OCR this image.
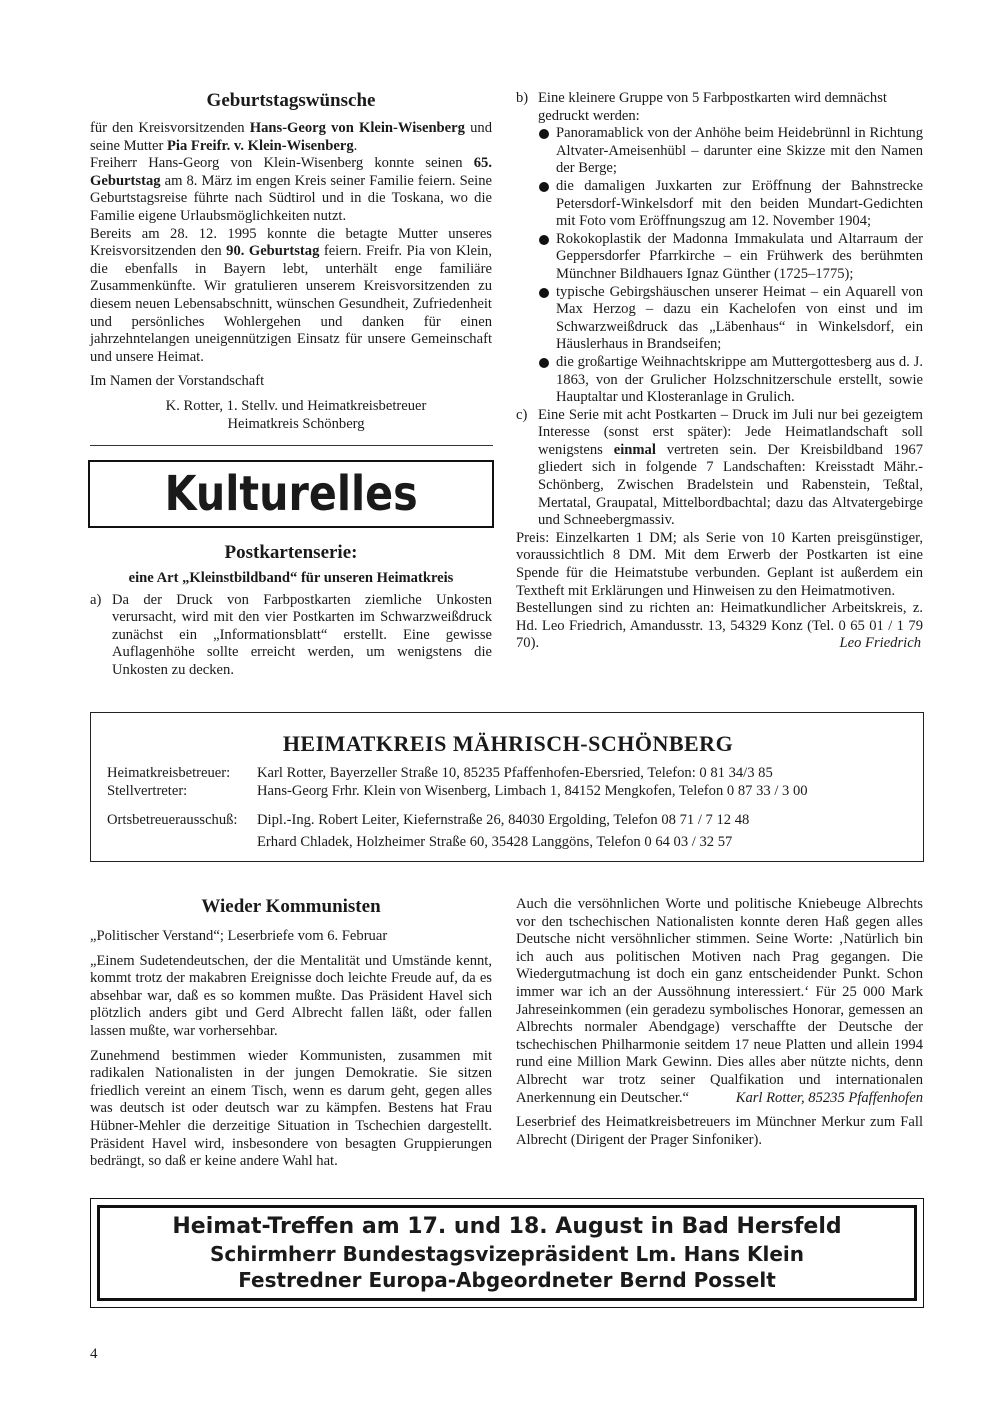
Geburtstagswünsche

für den Kreisvorsitzenden Hans-Georg von Klein-Wisenberg und seine Mutter Pia Freifr. v. Klein-Wisenberg.

Freiherr Hans-Georg von Klein-Wisenberg konnte seinen 65. Geburtstag am 8. März im engen Kreis seiner Familie feiern. Seine Geburtstagsreise führte nach Südtirol und in die Toskana, wo die Familie eigene Urlaubsmöglichkeiten nutzt.

Bereits am 28. 12. 1995 konnte die betagte Mutter unseres Kreisvorsitzenden den 90. Geburtstag feiern. Freifr. Pia von Klein, die ebenfalls in Bayern lebt, unterhält enge familiäre Zusammenkünfte. Wir gratulieren unserem Kreisvorsitzenden zu diesem neuen Lebensabschnitt, wünschen Gesundheit, Zufriedenheit und persönliches Wohlergehen und danken für einen jahrzehntelangen uneigennützigen Einsatz für unsere Gemeinschaft und unsere Heimat.

Im Namen der Vorstandschaft

K. Rotter, 1. Stellv. und Heimatkreisbetreuer

Heimatkreis Schönberg

Kulturelles
Postkartenserie:
eine Art „Kleinstbildband“ für unseren Heimatkreis
a) Da der Druck von Farbpostkarten ziemliche Unkosten verursacht, wird mit den vier Postkarten im Schwarzweißdruck zunächst ein „Informationsblatt“ erstellt. Eine gewisse Auflagenhöhe sollte erreicht werden, um wenigstens die Unkosten zu decken.

b) Eine kleinere Gruppe von 5 Farbpostkarten wird demnächst gedruckt werden:

Panoramablick von der Anhöhe beim Heidebrünnl in Richtung Altvater-Ameisenhübl – darunter eine Skizze mit den Namen der Berge;
die damaligen Juxkarten zur Eröffnung der Bahnstrecke Petersdorf-Winkelsdorf mit den beiden Mundart-Gedichten mit Foto vom Eröffnungszug am 12. November 1904;
Rokokoplastik der Madonna Immakulata und Altarraum der Geppersdorfer Pfarrkirche – ein Frühwerk des berühmten Münchner Bildhauers Ignaz Günther (1725–1775);
typische Gebirgshäuschen unserer Heimat – ein Aquarell von Max Herzog – dazu ein Kachelofen von einst und im Schwarzweißdruck das „Läbenhaus“ in Winkelsdorf, ein Häuslerhaus in Brandseifen;
die großartige Weihnachtskrippe am Muttergottesberg aus d. J. 1863, von der Grulicher Holzschnitzerschule erstellt, sowie Hauptaltar und Klosteranlage in Grulich.
c) Eine Serie mit acht Postkarten – Druck im Juli nur bei gezeigtem Interesse (sonst erst später): Jede Heimatlandschaft soll wenigstens einmal vertreten sein. Der Kreisbildband 1967 gliedert sich in folgende 7 Landschaften: Kreisstadt Mähr.-Schönberg, Zwischen Bradelstein und Rabenstein, Teßtal, Mertatal, Graupatal, Mittelbordbachtal; dazu das Altvatergebirge und Schneebergmassiv.

Preis: Einzelkarten 1 DM; als Serie von 10 Karten preisgünstiger, voraussichtlich 8 DM. Mit dem Erwerb der Postkarten ist eine Spende für die Heimatstube verbunden. Geplant ist außerdem ein Textheft mit Erklärungen und Hinweisen zu den Heimatmotiven.

Bestellungen sind zu richten an: Heimatkundlicher Arbeitskreis, z. Hd. Leo Friedrich, Amandusstr. 13, 54329 Konz (Tel. 0 65 01 / 1 79 70).	Leo Friedrich

HEIMATKREIS MÄHRISCH-SCHÖNBERG
Heimatkreisbetreuer:	Karl Rotter, Bayerzeller Straße 10, 85235 Pfaffenhofen-Ebersried, Telefon: 0 81 34/3 85
Stellvertreter:	Hans-Georg Frhr. Klein von Wisenberg, Limbach 1, 84152 Mengkofen, Telefon 0 87 33 / 3 00
Ortsbetreuerausschuß:	Dipl.-Ing. Robert Leiter, Kiefernstraße 26, 84030 Ergolding, Telefon 08 71 / 7 12 48
Erhard Chladek, Holzheimer Straße 60, 35428 Langgöns, Telefon 0 64 03 / 32 57
Wieder Kommunisten

„Politischer Verstand“; Leserbriefe vom 6. Februar

„Einem Sudetendeutschen, der die Mentalität und Umstände kennt, kommt trotz der makabren Ereignisse doch leichte Freude auf, da es absehbar war, daß es so kommen mußte. Das Präsident Havel sich plötzlich anders gibt und Gerd Albrecht fallen läßt, oder fallen lassen mußte, war vorhersehbar.

Zunehmend bestimmen wieder Kommunisten, zusammen mit radikalen Nationalisten in der jungen Demokratie. Sie sitzen friedlich vereint an einem Tisch, wenn es darum geht, gegen alles was deutsch ist oder deutsch war zu kämpfen. Bestens hat Frau Hübner-Mehler die derzeitige Situation in Tschechien dargestellt. Präsident Havel wird, insbesondere von besagten Gruppierungen bedrängt, so daß er keine andere Wahl hat.

Auch die versöhnlichen Worte und politische Kniebeuge Albrechts vor den tschechischen Nationalisten konnte deren Haß gegen alles Deutsche nicht versöhnlicher stimmen. Seine Worte: ‚Natürlich bin ich auch aus politischen Motiven nach Prag gegangen. Die Wiedergutmachung ist doch ein ganz entscheidender Punkt. Schon immer war ich an der Aussöhnung interessiert.‘ Für 25 000 Mark Jahreseinkommen (ein geradezu symbolisches Honorar, gemessen an Albrechts normaler Abendgage) verschaffte der Deutsche der tschechischen Philharmonie seitdem 17 neue Platten und allein 1994 rund eine Million Mark Gewinn. Dies alles aber nützte nichts, denn Albrecht war trotz seiner Qualfikation und internationalen Anerkennung ein Deutscher.“	Karl Rotter, 85235 Pfaffenhofen

Leserbrief des Heimatkreisbetreuers im Münchner Merkur zum Fall Albrecht (Dirigent der Prager Sinfoniker).

Heimat-Treffen am 17. und 18. August in Bad Hersfeld
Schirmherr Bundestagsvizepräsident Lm. Hans Klein
Festredner Europa-Abgeordneter Bernd Posselt
4
